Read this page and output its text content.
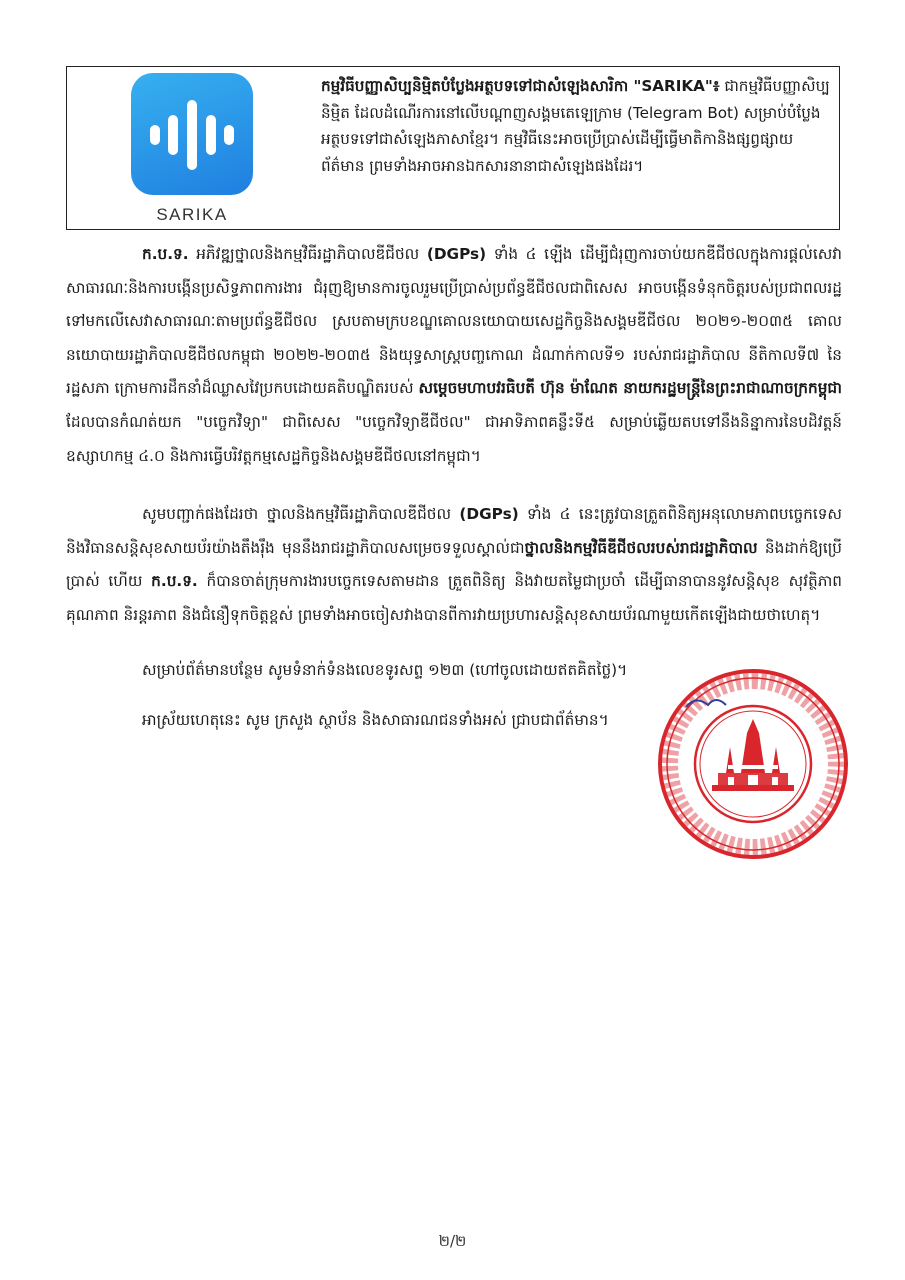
SARIKA

កម្មវិធីបញ្ញាសិប្បនិម្មិតបំប្លែងអត្ថបទទៅជាសំឡេងសារិកា "SARIKA"៖ ជាកម្មវិធីបញ្ញាសិប្បនិម្មិត ដែលដំណើរការនៅលើបណ្ដាញសង្គមតេឡេក្រាម (Telegram Bot) សម្រាប់បំប្លែងអត្ថបទទៅជាសំឡេងភាសាខ្មែរ។ កម្មវិធីនេះអាចប្រើប្រាស់ដើម្បីធ្វើមាតិកានិងផ្សព្វផ្សាយព័ត៌មាន ព្រមទាំងអាចអានឯកសារនានាជាសំឡេងផងដែរ។

ក.ប.ទ. អភិវឌ្ឍថ្នាលនិងកម្មវិធីរដ្ឋាភិបាលឌីជីថល (DGPs) ទាំង ៤ ឡើង ដើម្បីជំរុញការចាប់យកឌីជីថលក្នុងការផ្ដល់សេវាសាធារណៈនិងការបង្កើនប្រសិទ្ធភាពការងារ ជំរុញឱ្យមានការចូលរួមប្រើប្រាស់ប្រព័ន្ធឌីជីថលជាពិសេស អាចបង្កើនទំនុកចិត្តរបស់ប្រជាពលរដ្ឋទៅមកលើសេវាសាធារណៈតាមប្រព័ន្ធឌីជីថល ស្របតាមក្របខណ្ឌគោលនយោបាយសេដ្ឋកិច្ចនិងសង្គមឌីជីថល ២០២១-២០៣៥ គោលនយោបាយរដ្ឋាភិបាលឌីជីថលកម្ពុជា ២០២២-២០៣៥ និងយុទ្ធសាស្ត្របញ្ចកោណ ដំណាក់កាលទី១ របស់រាជរដ្ឋាភិបាល នីតិកាលទី៧ នៃរដ្ឋសភា ក្រោមការដឹកនាំដ៏ឈ្លាសវៃប្រកបដោយគតិបណ្ឌិតរបស់ សម្ដេចមហាបវរធិបតី ហ៊ុន ម៉ាណែត នាយករដ្ឋមន្ត្រីនៃព្រះរាជាណាចក្រកម្ពុជា ដែលបានកំណត់យក "បច្ចេកវិទ្យា" ជាពិសេស "បច្ចេកវិទ្យាឌីជីថល" ជាអាទិភាពគន្លឹះទី៥ សម្រាប់ឆ្លើយតបទៅនឹងនិន្នាការនៃបដិវត្តន៍ឧស្សាហកម្ម ៤.០ និងការធ្វើបរិវត្តកម្មសេដ្ឋកិច្ចនិងសង្គមឌីជីថលនៅកម្ពុជា។

សូមបញ្ជាក់ផងដែរថា ថ្នាលនិងកម្មវិធីរដ្ឋាភិបាលឌីជីថល (DGPs) ទាំង ៤ នេះត្រូវបានត្រួតពិនិត្យអនុលោមភាពបច្ចេកទេស និងវិធានសន្តិសុខសាយប័រយ៉ាងតឹងរ៉ឹង មុននឹងរាជរដ្ឋាភិបាលសម្រេចទទួលស្គាល់ជាថ្នាលនិងកម្មវិធីឌីជីថលរបស់រាជរដ្ឋាភិបាល និងដាក់ឱ្យប្រើប្រាស់ ហើយ ក.ប.ទ. ក៏បានចាត់ក្រុមការងារបច្ចេកទេសតាមដាន ត្រួតពិនិត្យ និងវាយតម្លៃជាប្រចាំ ដើម្បីធានាបាននូវសន្តិសុខ សុវត្ថិភាព គុណភាព និរន្តរភាព និងជំនឿទុកចិត្តខ្ពស់ ព្រមទាំងអាចចៀសវាងបានពីការវាយប្រហារសន្តិសុខសាយប័រណាមួយកើតឡើងជាយថាហេតុ។

សម្រាប់ព័ត៌មានបន្ថែម សូមទំនាក់ទំនងលេខទូរសព្ទ ១២៣ (ហៅចូលដោយឥតគិតថ្លៃ)។

អាស្រ័យហេតុនេះ សូម ក្រសួង ស្ថាប័ន និងសាធារណជនទាំងអស់ ជ្រាបជាព័ត៌មាន។

២/២
